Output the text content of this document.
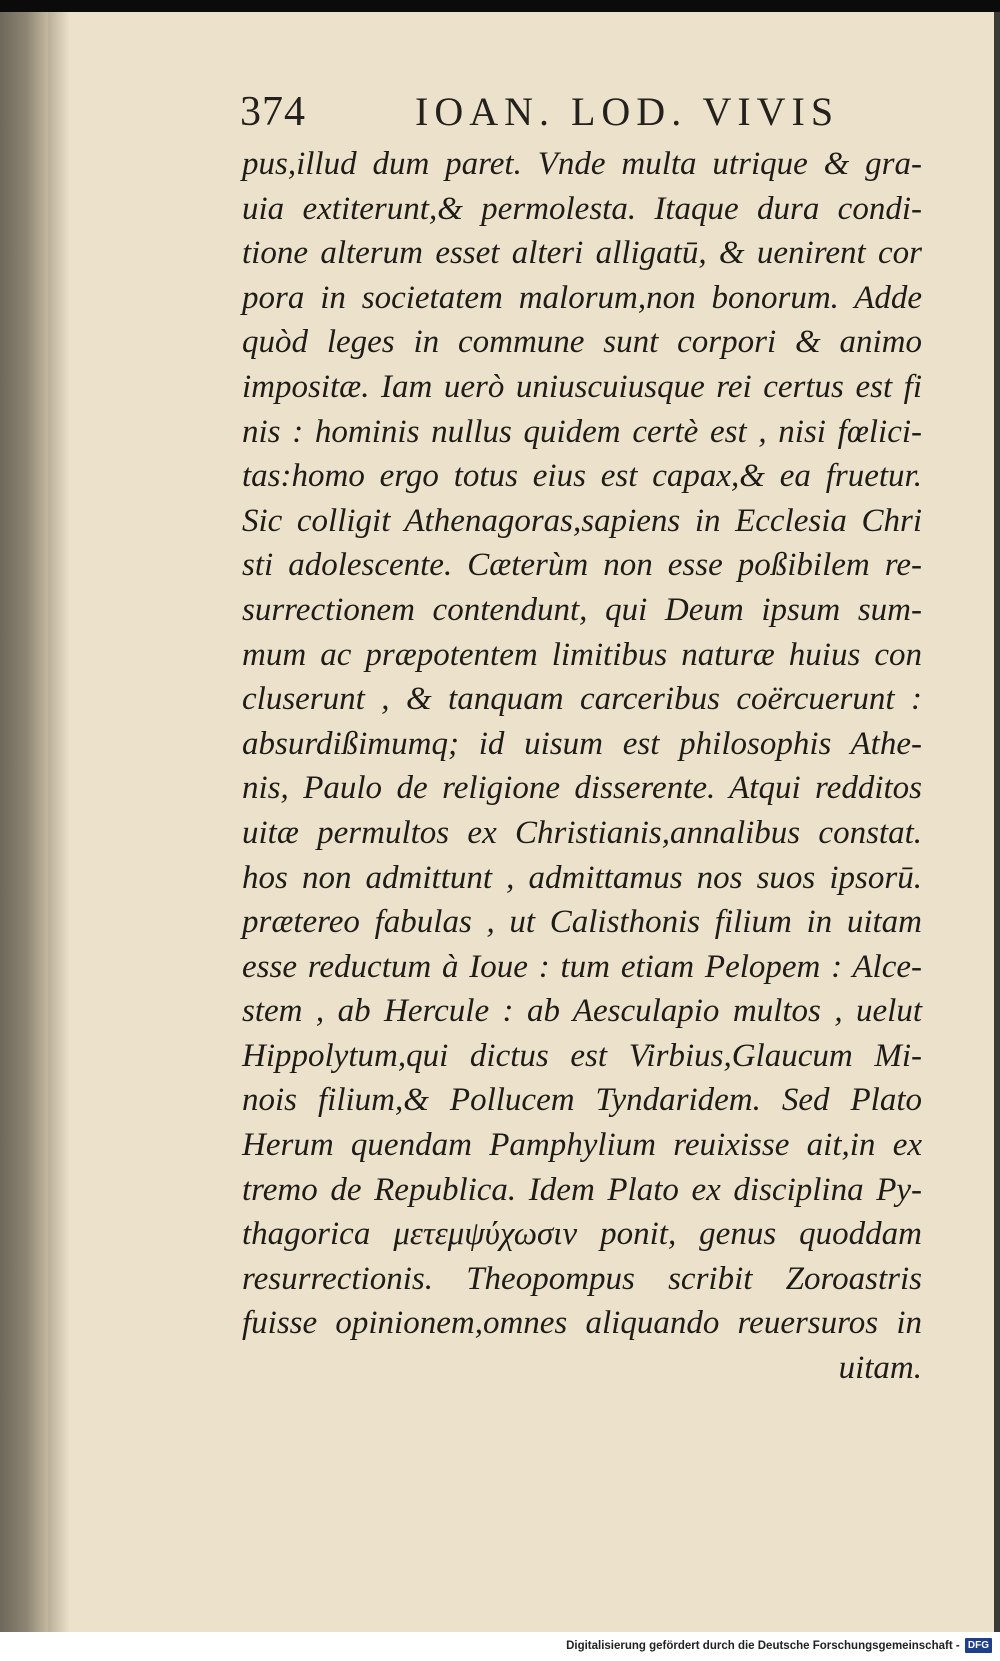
374	IOAN. LOD. VIVIS
pus,illud dum paret. Vnde multa utrique & gra-
uia extiterunt,& permolesta. Itaque dura condi-
tione alterum esset alteri alligatū, & uenirent cor
pora in societatem malorum,non bonorum. Adde
quòd leges in commune sunt corpori & animo
impositæ. Iam uerò uniuscuiusque rei certus est fi
nis : hominis nullus quidem certè est , nisi fœlici-
tas:homo ergo totus eius est capax,& ea fruetur.
Sic colligit Athenagoras,sapiens in Ecclesia Chri
sti adolescente. Cæterùm non esse poßibilem re-
surrectionem contendunt, qui Deum ipsum sum-
mum ac præpotentem limitibus naturæ huius con
cluserunt , & tanquam carceribus coërcuerunt :
absurdißimumq; id uisum est philosophis Athe-
nis, Paulo de religione disserente. Atqui redditos
uitæ permultos ex Christianis,annalibus constat.
hos non admittunt , admittamus nos suos ipsorū.
prætereo fabulas , ut Calisthonis filium in uitam
esse reductum à Ioue : tum etiam Pelopem : Alce-
stem , ab Hercule : ab Aesculapio multos , uelut
Hippolytum,qui dictus est Virbius,Glaucum Mi-
nois filium,& Pollucem Tyndaridem. Sed Plato
Herum quendam Pamphylium reuixisse ait,in ex
tremo de Republica. Idem Plato ex disciplina Py-
thagorica μετεμψύχωσιν ponit, genus quoddam
resurrectionis. Theopompus scribit Zoroastris
fuisse opinionem,omnes aliquando reuersuros in
uitam.
Digitalisierung gefördert durch die Deutsche Forschungsgemeinschaft - DFG
